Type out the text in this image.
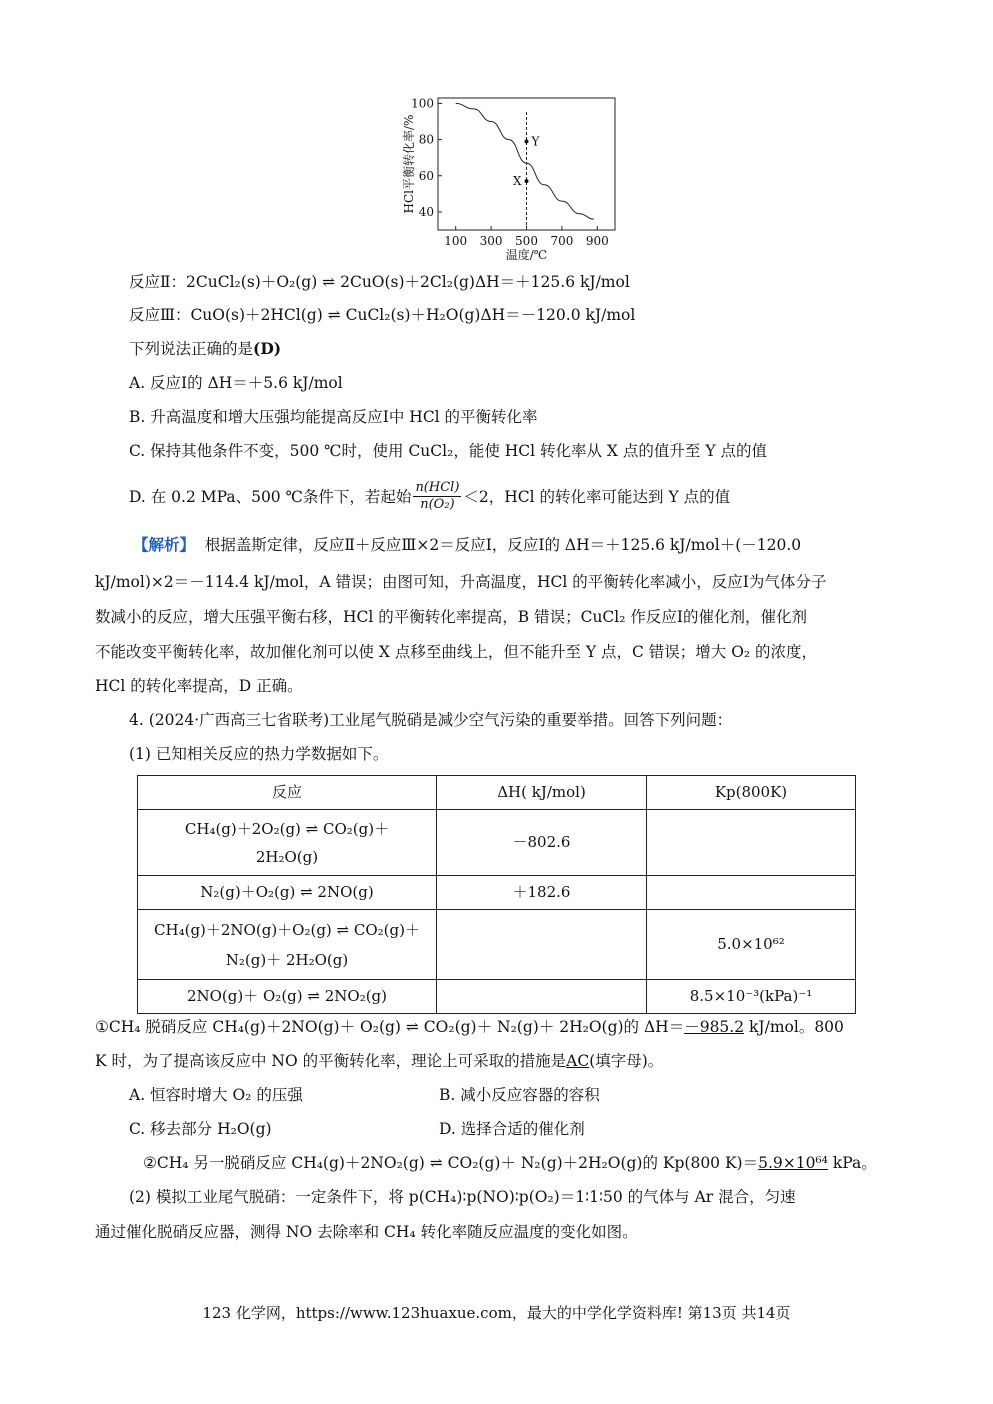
100 300 500 700 900
40
60
80
100
温度/℃
HCl平衡转化率/%	Y
X
反应Ⅱ：2CuCl₂(s)＋O₂(g) ⇌ 2CuO(s)＋2Cl₂(g)ΔH＝＋125.6 kJ/mol
反应Ⅲ：CuO(s)＋2HCl(g) ⇌ CuCl₂(s)＋H₂O(g)ΔH＝－120.0 kJ/mol
下列说法正确的是(D)
A. 反应Ⅰ的 ΔH＝＋5.6 kJ/mol
B. 升高温度和增大压强均能提高反应Ⅰ中 HCl 的平衡转化率
C. 保持其他条件不变，500 ℃时，使用 CuCl₂，能使 HCl 转化率从 X 点的值升至 Y 点的值
D. 在 0.2 MPa、500 ℃条件下，若起始 n(HCl)
n(O₂) ＜2，HCl 的转化率可能达到 Y 点的值
【解析】 根据盖斯定律，反应Ⅱ＋反应Ⅲ×2＝反应Ⅰ，反应Ⅰ的 ΔH＝＋125.6 kJ/mol＋(－120.0
kJ/mol)×2＝－114.4 kJ/mol，A 错误；由图可知，升高温度，HCl 的平衡转化率减小，反应Ⅰ为气体分子
数减小的反应，增大压强平衡右移，HCl 的平衡转化率提高，B 错误；CuCl₂ 作反应Ⅰ的催化剂，催化剂
不能改变平衡转化率，故加催化剂可以使 X 点移至曲线上，但不能升至 Y 点，C 错误；增大 O₂ 的浓度，
HCl 的转化率提高，D 正确。
4. (2024·广西高三七省联考)工业尾气脱硝是减少空气污染的重要举措。回答下列问题：
(1) 已知相关反应的热力学数据如下。
反应	ΔH( kJ/mol)	Kp(800K)
CH₄(g)＋2O₂(g) ⇌ CO₂(g)＋2H₂O(g)	－802.6	
N₂(g)＋O₂(g) ⇌ 2NO(g)	＋182.6	
CH₄(g)＋2NO(g)＋O₂(g) ⇌ CO₂(g)＋ N₂(g)＋ 2H₂O(g)		5.0×10⁶²
2NO(g)＋ O₂(g) ⇌ 2NO₂(g)		8.5×10⁻³(kPa)⁻¹
①CH₄ 脱硝反应 CH₄(g)＋2NO(g)＋ O₂(g) ⇌ CO₂(g)＋ N₂(g)＋ 2H₂O(g)的 ΔH＝－985.2 kJ/mol。800
K 时，为了提高该反应中 NO 的平衡转化率，理论上可采取的措施是AC(填字母)。
A. 恒容时增大 O₂ 的压强	B. 减小反应容器的容积
C. 移去部分 H₂O(g)	D. 选择合适的催化剂
②CH₄ 另一脱硝反应 CH₄(g)＋2NO₂(g) ⇌ CO₂(g)＋ N₂(g)＋2H₂O(g)的 Kp(800 K)＝5.9×10⁶⁴ kPa。
(2) 模拟工业尾气脱硝：一定条件下，将 p(CH₄)∶p(NO)∶p(O₂)＝1∶1∶50 的气体与 Ar 混合，匀速
通过催化脱硝反应器，测得 NO 去除率和 CH₄ 转化率随反应温度的变化如图。
123 化学网，https://www.123huaxue.com，最大的中学化学资料库! 第13页 共14页
